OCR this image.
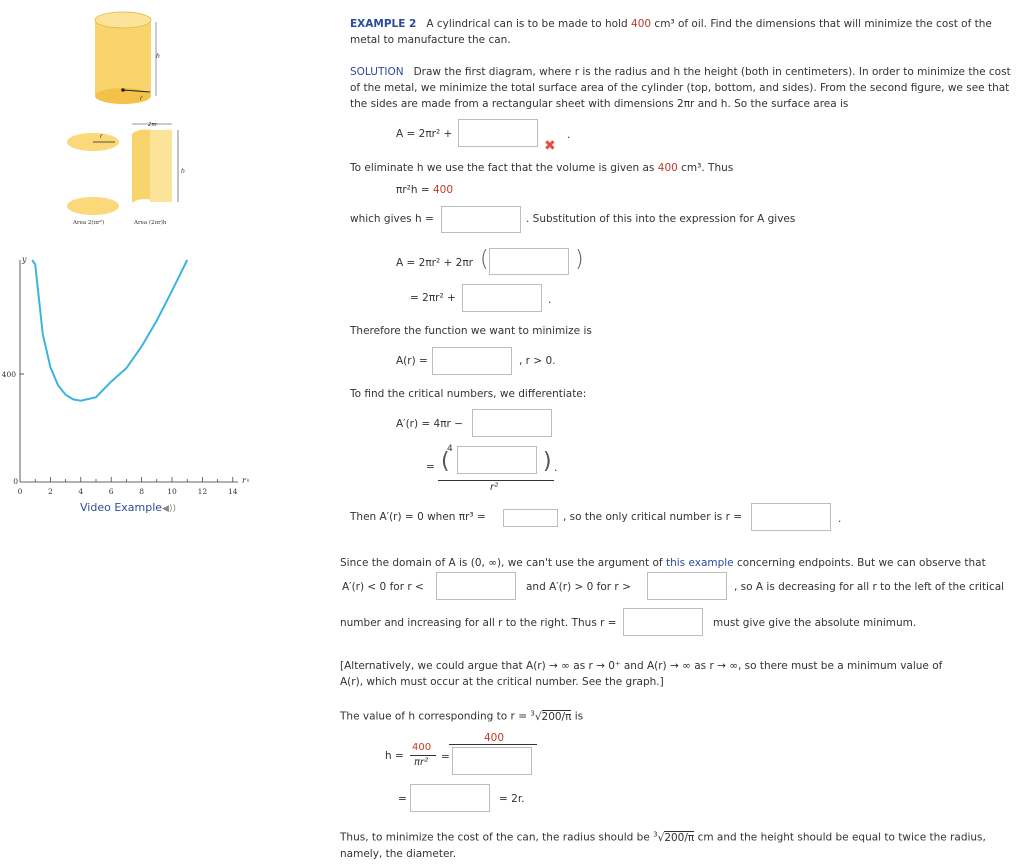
h
r
r
2πr
h
Area 2(πr²)	Area (2πr)h
y
r
400
0
0	2	4	6	8	10	12	14
Video Example◀))
EXAMPLE 2 A cylindrical can is to be made to hold 400 cm³ of oil. Find the dimensions that will minimize the cost of the
metal to manufacture the can.
SOLUTION Draw the first diagram, where r is the radius and h the height (both in centimeters). In order to minimize the cost
of the metal, we minimize the total surface area of the cylinder (top, bottom, and sides). From the second figure, we see that
the sides are made from a rectangular sheet with dimensions 2πr and h. So the surface area is
A = 2πr² +
✖
.
To eliminate h we use the fact that the volume is given as 400 cm³. Thus
πr²h = 400
which gives h =	. Substitution of this into the expression for A gives
A = 2πr² + 2πr (	)
= 2πr² +	.
Therefore the function we want to minimize is
A(r) =	, r > 0.
To find the critical numbers, we differentiate:
A′(r) = 4πr −
= (
4	) .
r²
Then A′(r) = 0 when πr³ =	, so the only critical number is r =	.
Since the domain of A is (0, ∞), we can't use the argument of this example concerning endpoints. But we can observe that
A′(r) < 0 for r <	and A′(r) > 0 for r >	, so A is decreasing for all r to the left of the critical
number and increasing for all r to the right. Thus r =	must give give the absolute minimum.
[Alternatively, we could argue that A(r) → ∞ as r → 0⁺ and A(r) → ∞ as r → ∞, so there must be a minimum value of
A(r), which must occur at the critical number. See the graph.]
The value of h corresponding to r = $^3$√200/π is
400
h =
400
πr² =
=	= 2r.
Thus, to minimize the cost of the can, the radius should be $^3$√200/π cm and the height should be equal to twice the radius,
namely, the diameter.
